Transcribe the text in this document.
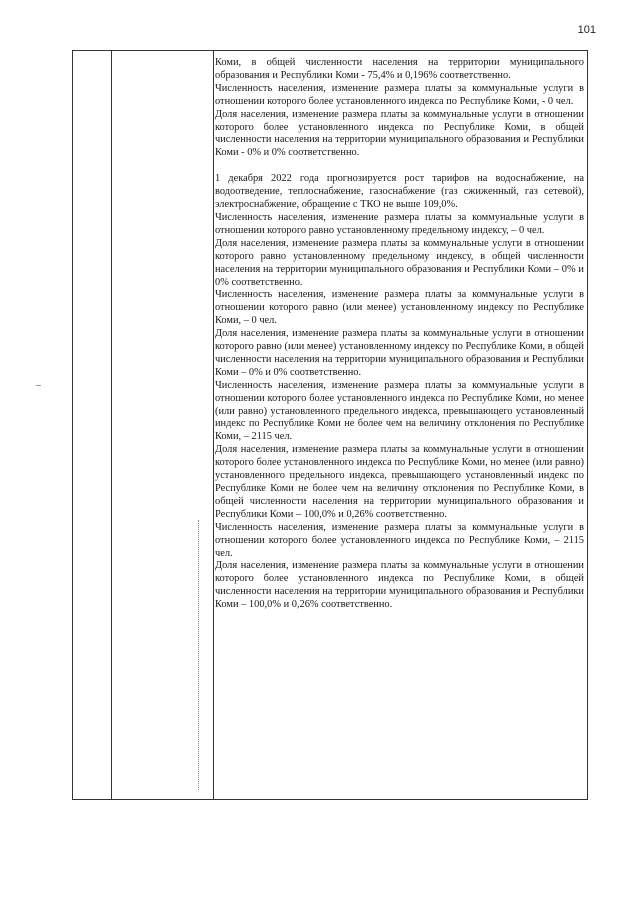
101

Коми, в общей численности населения на территории муниципального образования и Республики Коми - 75,4% и 0,196% соответственно.

Численность населения, изменение размера платы за коммунальные услуги в отношении которого более установленного индекса по Республике Коми, - 0 чел.

Доля населения, изменение размера платы за коммунальные услуги в отношении которого более установленного индекса по Республике Коми, в общей численности населения на территории муниципального образования и Республики Коми - 0% и 0% соответственно.

1 декабря 2022 года прогнозируется рост тарифов на водоснабжение, на водоотведение, теплоснабжение, газоснабжение (газ сжиженный, газ сетевой), электроснабжение, обращение с ТКО не выше 109,0%.

Численность населения, изменение размера платы за коммунальные услуги в отношении которого равно установленному предельному индексу, – 0 чел.

Доля населения, изменение размера платы за коммунальные услуги в отношении которого равно установленному предельному индексу, в общей численности населения на территории муниципального образования и Республики Коми – 0% и 0% соответственно.

Численность населения, изменение размера платы за коммунальные услуги в отношении которого равно (или менее) установленному индексу по Республике Коми, – 0 чел.

Доля населения, изменение размера платы за коммунальные услуги в отношении которого равно (или менее) установленному индексу по Республике Коми, в общей численности населения на территории муниципального образования и Республики Коми – 0% и 0% соответственно.

Численность населения, изменение размера платы за коммунальные услуги в отношении которого более установленного индекса по Республике Коми, но менее (или равно) установленного предельного индекса, превышающего установленный индекс по Республике Коми не более чем на величину отклонения по Республике Коми, – 2115 чел.

Доля населения, изменение размера платы за коммунальные услуги в отношении которого более установленного индекса по Республике Коми, но менее (или равно) установленного предельного индекса, превышающего установленный индекс по Республике Коми не более чем на величину отклонения по Республике Коми, в общей численности населения на территории муниципального образования и Республики Коми – 100,0% и 0,26% соответственно.

Численность населения, изменение размера платы за коммунальные услуги в отношении которого более установленного индекса по Республике Коми, – 2115 чел.

Доля населения, изменение размера платы за коммунальные услуги в отношении которого более установленного индекса по Республике Коми, в общей численности населения на территории муниципального образования и Республики Коми – 100,0% и 0,26% соответственно.
